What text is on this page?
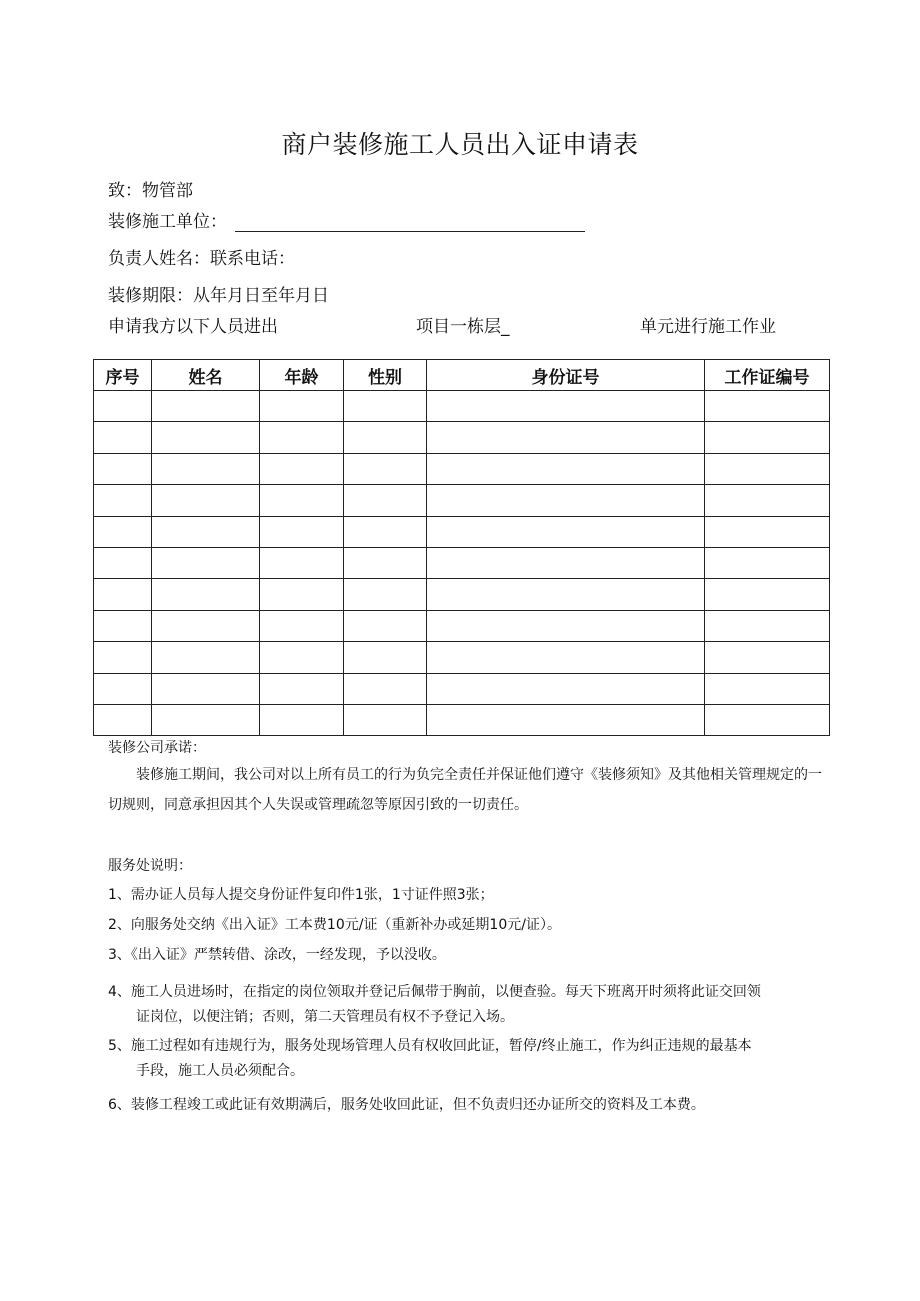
商户装修施工人员出入证申请表
致：物管部
装修施工单位：
负责人姓名：联系电话：
装修期限：从年月日至年月日
申请我方以下人员进出	项目一栋层_	单元进行施工作业
序号	姓名	年龄	性别	身份证号	工作证编号

装修公司承诺：
装修施工期间，我公司对以上所有员工的行为负完全责任并保证他们遵守《装修须知》及其他相关管理规定的一切规则，同意承担因其个人失误或管理疏忽等原因引致的一切责任。
服务处说明：
1、需办证人员每人提交身份证件复印件1张，1寸证件照3张；
2、向服务处交纳《出入证》工本费10元/证（重新补办或延期10元/证）。
3、《出入证》严禁转借、涂改，一经发现，予以没收。
4、施工人员进场时，在指定的岗位领取并登记后佩带于胸前，以便查验。每天下班离开时须将此证交回领
证岗位，以便注销；否则，第二天管理员有权不予登记入场。
5、施工过程如有违规行为，服务处现场管理人员有权收回此证，暂停/终止施工，作为纠正违规的最基本
手段，施工人员必须配合。
6、装修工程竣工或此证有效期满后，服务处收回此证，但不负责归还办证所交的资料及工本费。
